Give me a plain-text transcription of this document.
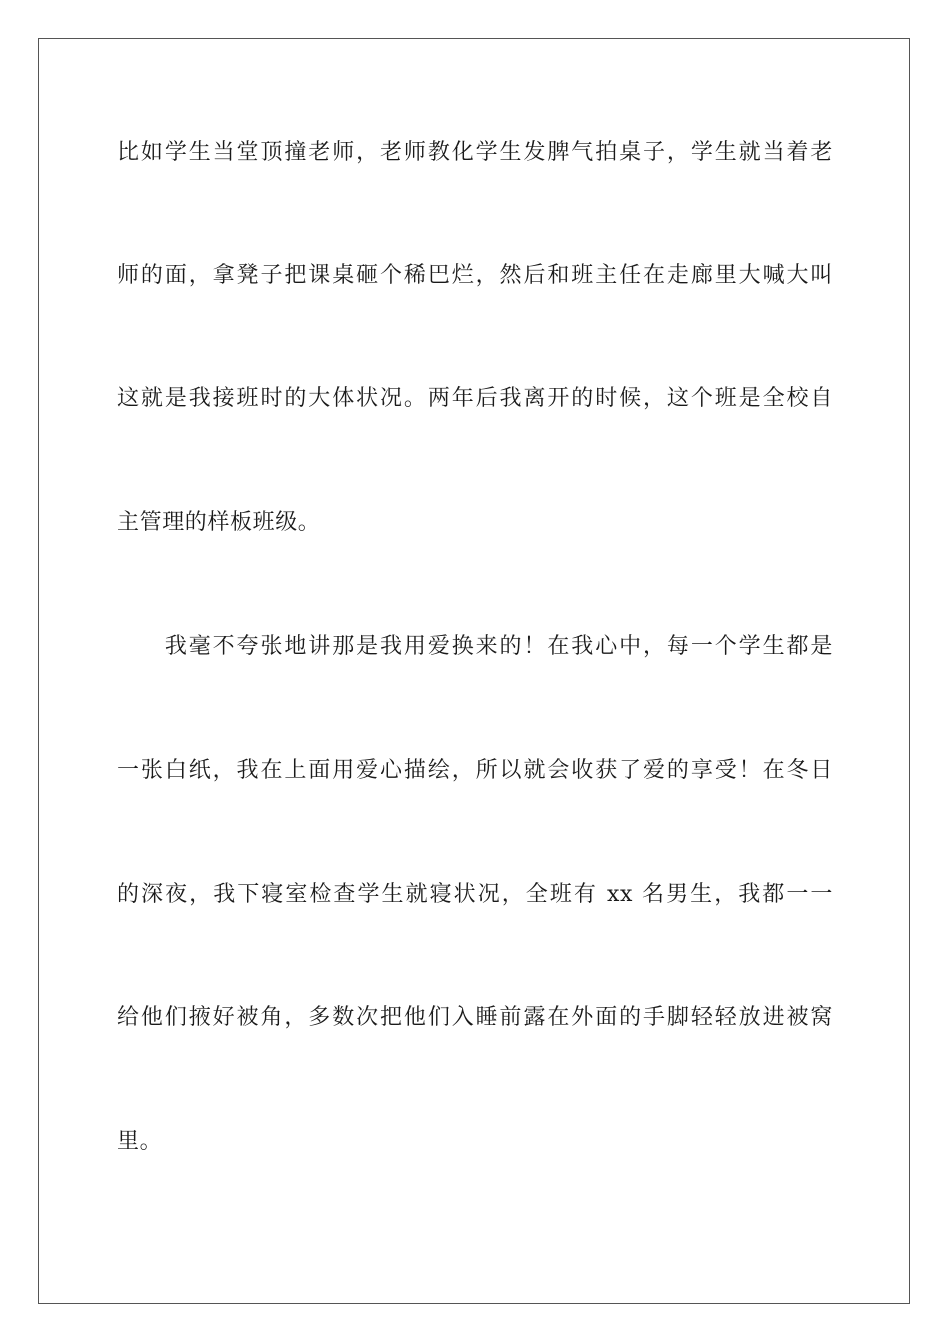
比如学生当堂顶撞老师，老师教化学生发脾气拍桌子，学生就当着老
师的面，拿凳子把课桌砸个稀巴烂，然后和班主任在走廊里大喊大叫
这就是我接班时的大体状况。两年后我离开的时候，这个班是全校自
主管理的样板班级。
　　我毫不夸张地讲那是我用爱换来的！在我心中，每一个学生都是
一张白纸，我在上面用爱心描绘，所以就会收获了爱的享受！在冬日
的深夜，我下寝室检查学生就寝状况，全班有 xx 名男生，我都一一
给他们掖好被角，多数次把他们入睡前露在外面的手脚轻轻放进被窝
里。
